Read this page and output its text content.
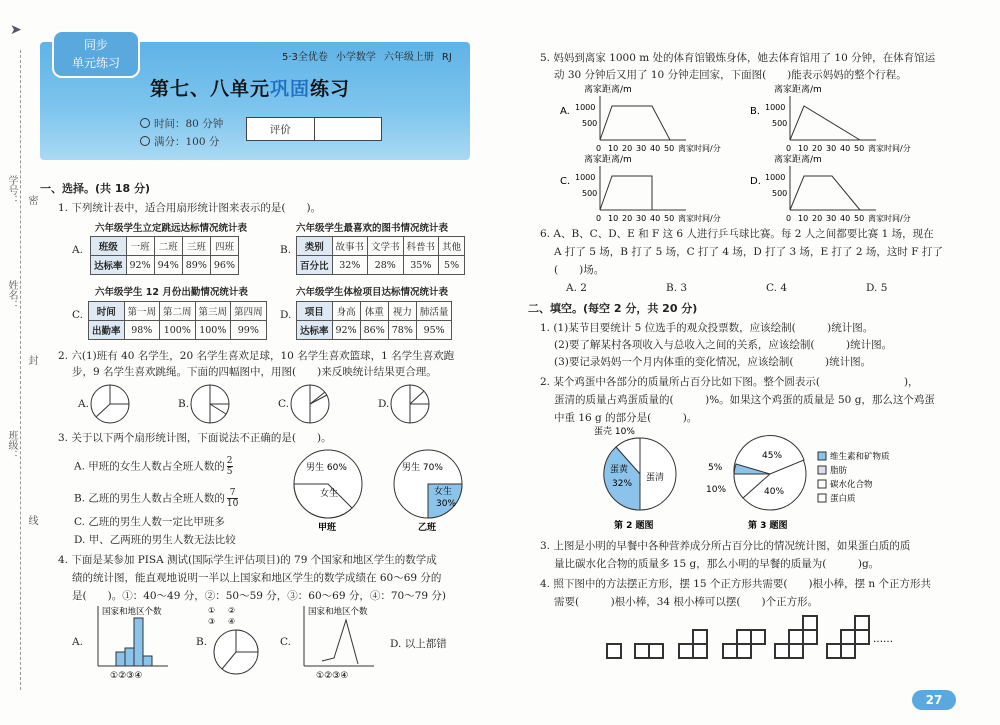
➤
学号：
姓名：
班级：
密
封
线
同步
单元练习	5·3全优卷 小学数学 六年级上册 RJ
第七、八单元巩固练习
时间：80 分钟
满分：100 分
评价
一、选择。(共 18 分)
1. 下列统计表中，适合用扇形统计图来表示的是(　　)。
六年级学生立定跳远达标情况统计表
A. 班级	一班	二班	三班	四班
达标率	92%	94%	89%	96%
六年级学生最喜欢的图书情况统计表
B. 类别	故事书	文学书	科普书	其他
百分比	32%	28%	35%	5%
六年级学生 12 月份出勤情况统计表
C. 时间	第一周	第二周	第三周	第四周
出勤率	98%	100%	100%	99%
六年级学生体检项目达标情况统计表
D. 项目	身高	体重	视力	肺活量
达标率	92%	86%	78%	95%
2. 六(1)班有 40 名学生，20 名学生喜欢足球，10 名学生喜欢篮球，1 名学生喜欢跑
步，9 名学生喜欢跳绳。下面的四幅图中，用图(　　)来反映统计结果更合理。
A.	B.	C.	D.
3. 关于以下两个扇形统计图，下面说法不正确的是(　　)。
A. 甲班的女生人数占全班人数的 $\frac{2}{5}$
B. 乙班的男生人数占全班人数的 $\frac{7}{10}$
C. 乙班的男生人数一定比甲班多
D. 甲、乙两班的男生人数无法比较
男生 60%
女生
甲班
男生 70%
女生
30%
乙班
4. 下面是某参加 PISA 测试(国际学生评估项目)的 79 个国家和地区学生的数学成
绩的统计图，能直观地说明一半以上国家和地区学生的数学成绩在 60～69 分的
是(　　)。①：40～49 分，②：50～59 分，③：60～69 分，④：70～79 分)
A.	B.	C.	D. 以上都错
国家和地区个数
①②③④
① ②
③ ④
国家和地区个数
①②③④
5. 妈妈到离家 1000 m 处的体育馆锻炼身体，她去体育馆用了 10 分钟，在体育馆运
动 30 分钟后又用了 10 分钟走回家，下面图(　　)能表示妈妈的整个行程。
A.
离家距离/m
1000
500
0 10 20 30 40 50 离家时间/分
B.
离家距离/m
1000
500
0 10 20 30 40 50 离家时间/分
C.
离家距离/m
1000
500
0 10 20 30 40 50 离家时间/分
D.
离家距离/m
1000
500
0 10 20 30 40 50 离家时间/分
6. A、B、C、D、E 和 F 这 6 人进行乒乓球比赛。每 2 人之间都要比赛 1 场，现在
A 打了 5 场，B 打了 5 场，C 打了 4 场，D 打了 3 场，E 打了 2 场，这时 F 打了
(　　)场。
A. 2	B. 3	C. 4	D. 5
二、填空。(每空 2 分，共 20 分)
1. (1)某节目要统计 5 位选手的观众投票数，应该绘制(　　　)统计图。
(2)要了解某村各项收入与总收入之间的关系，应该绘制(　　　)统计图。
(3)要记录妈妈一个月内体重的变化情况，应该绘制(　　　)统计图。
2. 某个鸡蛋中各部分的质量所占百分比如下图。整个圆表示(　　　　　　　　)，
蛋清的质量占鸡蛋质量的(　　　)%。如果这个鸡蛋的质量是 50 g，那么这个鸡蛋
中重 16 g 的部分是(　　　)。
蛋壳 10%
蛋黄
32%
蛋清
第 2 题图
45%
5%
10%	40%
第 3 题图
维生素和矿物质
脂肪
碳水化合物
蛋白质
3. 上图是小明的早餐中各种营养成分所占百分比的情况统计图，如果蛋白质的质
量比碳水化合物的质量多 15 g，那么小明的早餐的质量为(　　　)g。
4. 照下图中的方法摆正方形，摆 15 个正方形共需要(　　)根小棒，摆 n 个正方形共
需要(　　　)根小棒，34 根小棒可以摆(　　)个正方形。
……
27
